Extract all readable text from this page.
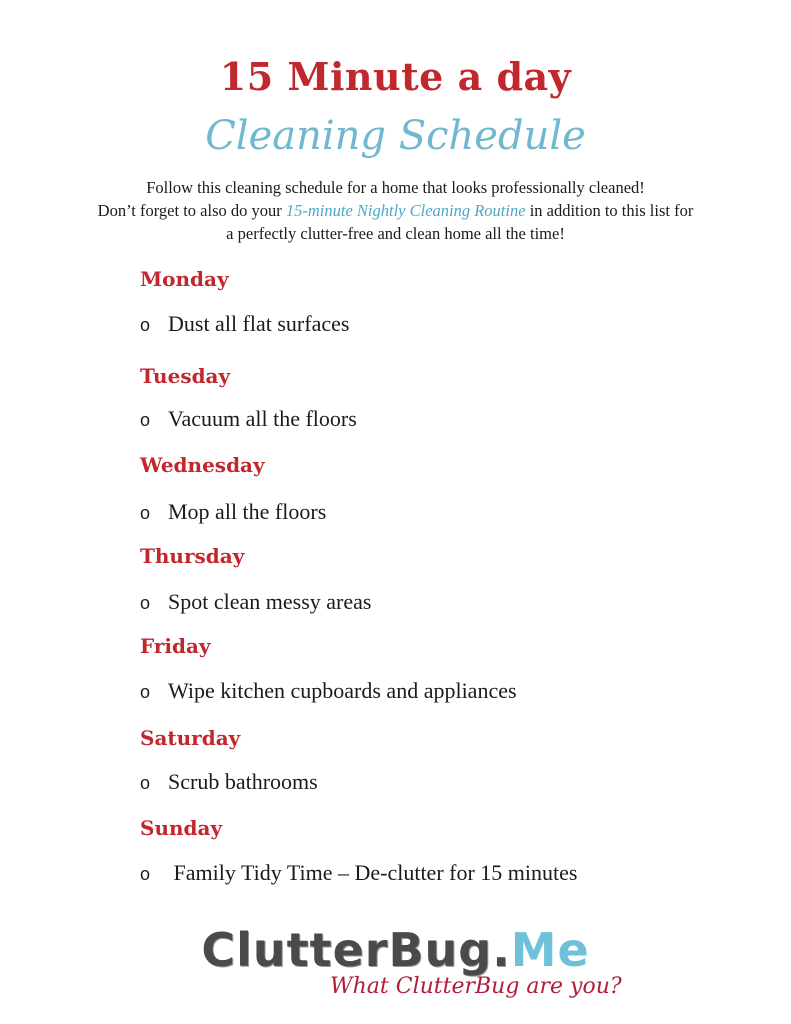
15 Minute a day
Cleaning Schedule
Follow this cleaning schedule for a home that looks professionally cleaned!
Don’t forget to also do your 15-minute Nightly Cleaning Routine in addition to this list for
a perfectly clutter-free and clean home all the time!
Monday
o Dust all flat surfaces
Tuesday
o Vacuum all the floors
Wednesday
o Mop all the floors
Thursday
o Spot clean messy areas
Friday
o Wipe kitchen cupboards and appliances
Saturday
o Scrub bathrooms
Sunday
o Family Tidy Time – De-clutter for 15 minutes
ClutterBug.Me
What ClutterBug are you?
